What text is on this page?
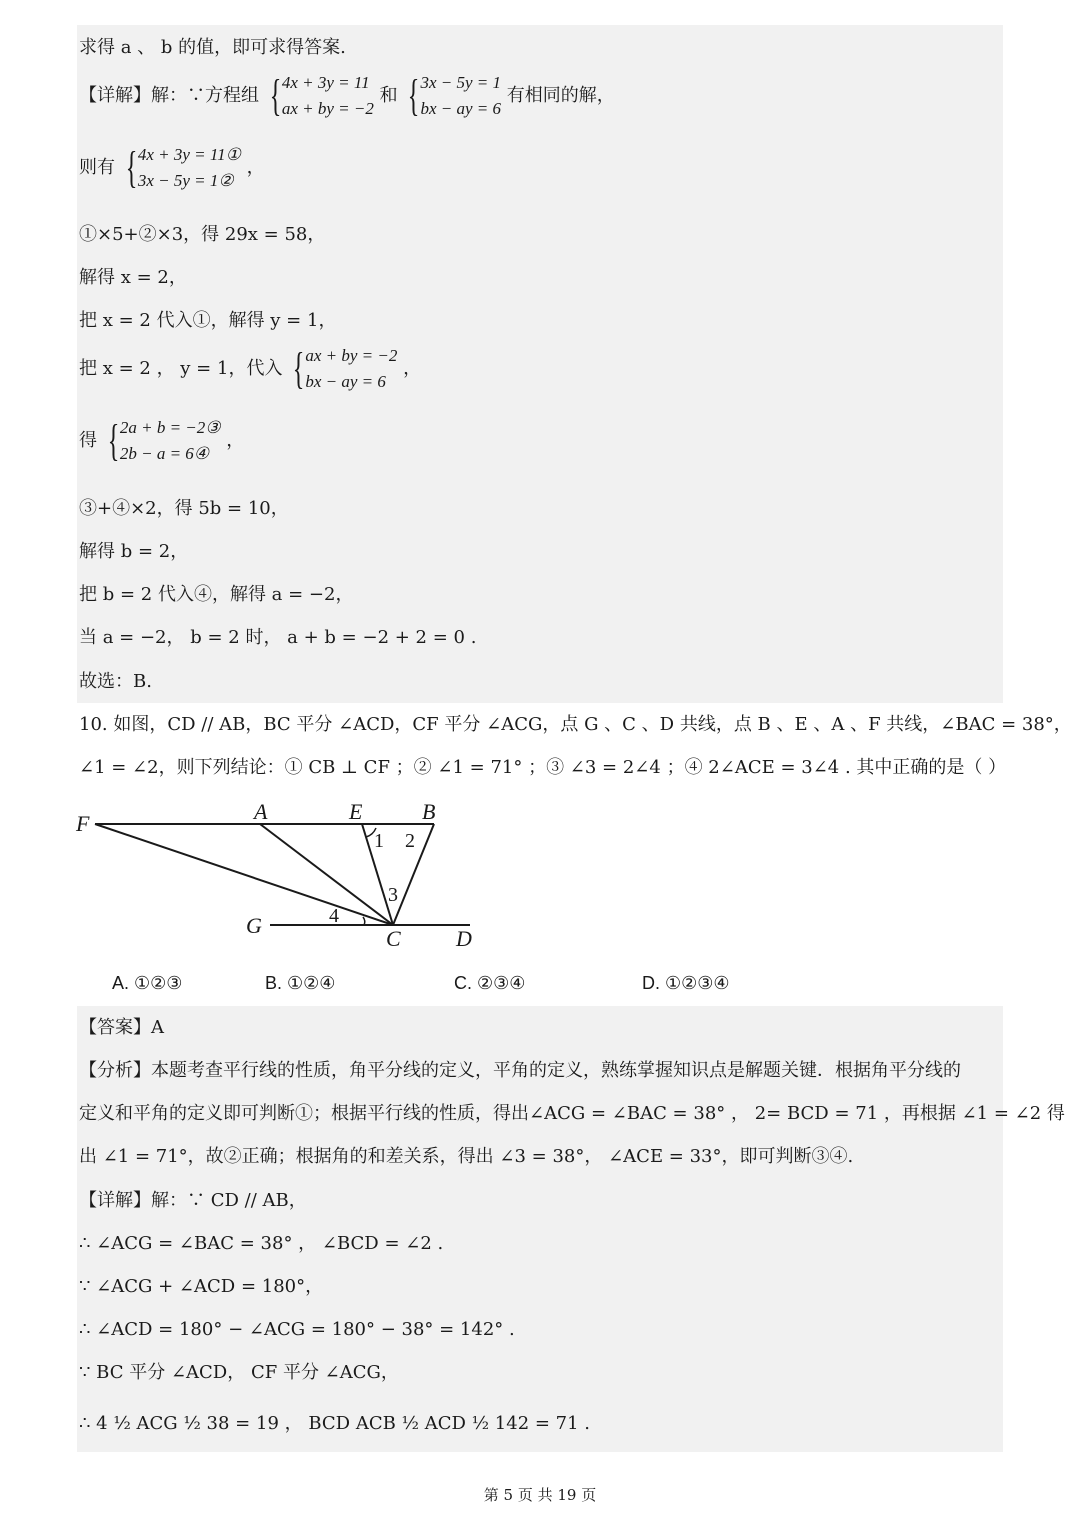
求得 a 、 b 的值，即可求得答案.
【详解】解：∵方程组 { 4x + 3y = 11
ax + by = −2
和 { 3x − 5y = 1
bx − ay = 6
有相同的解，
则有 { 4x + 3y = 11①
3x − 5y = 1②
，
①×5+②×3，得 29x = 58，
解得 x = 2，
把 x = 2 代入①，解得 y = 1，
把 x = 2 ， y = 1，代入 { ax + by = −2
bx − ay = 6
，
得 { 2a + b = −2③
2b − a = 6④
，
③+④×2，得 5b = 10，
解得 b = 2，
把 b = 2 代入④，解得 a = −2，
当 a = −2， b = 2 时， a + b = −2 + 2 = 0 .
故选：B.
10. 如图，CD // AB，BC 平分 ∠ACD，CF 平分 ∠ACG，点 G 、C 、D 共线，点 B 、E 、A 、F 共线，∠BAC = 38°，
∠1 = ∠2，则下列结论：① CB ⊥ CF ；② ∠1 = 71° ；③ ∠3 = 2∠4 ；④ 2∠ACE = 3∠4 . 其中正确的是（ ）
F	A	E	B
G
C	D
1 2
3
4
A. ①②③	B. ①②④	C. ②③④	D. ①②③④
【答案】A
【分析】本题考查平行线的性质，角平分线的定义，平角的定义，熟练掌握知识点是解题关键．根据角平分线的
定义和平角的定义即可判断①；根据平行线的性质，得出∠ACG = ∠BAC = 38° ， 2= BCD = 71 ，再根据 ∠1 = ∠2 得
出 ∠1 = 71°，故②正确；根据角的和差关系，得出 ∠3 = 38°， ∠ACE = 33°，即可判断③④.
【详解】解：∵ CD // AB，
∴ ∠ACG = ∠BAC = 38° ， ∠BCD = ∠2 .
∵ ∠ACG + ∠ACD = 180°，
∴ ∠ACD = 180° − ∠ACG = 180° − 38° = 142° .
∵ BC 平分 ∠ACD， CF 平分 ∠ACG，
∴ 4 ½ ACG ½ 38 = 19 ， BCD ACB ½ ACD ½ 142 = 71 .
第 5 页 共 19 页
